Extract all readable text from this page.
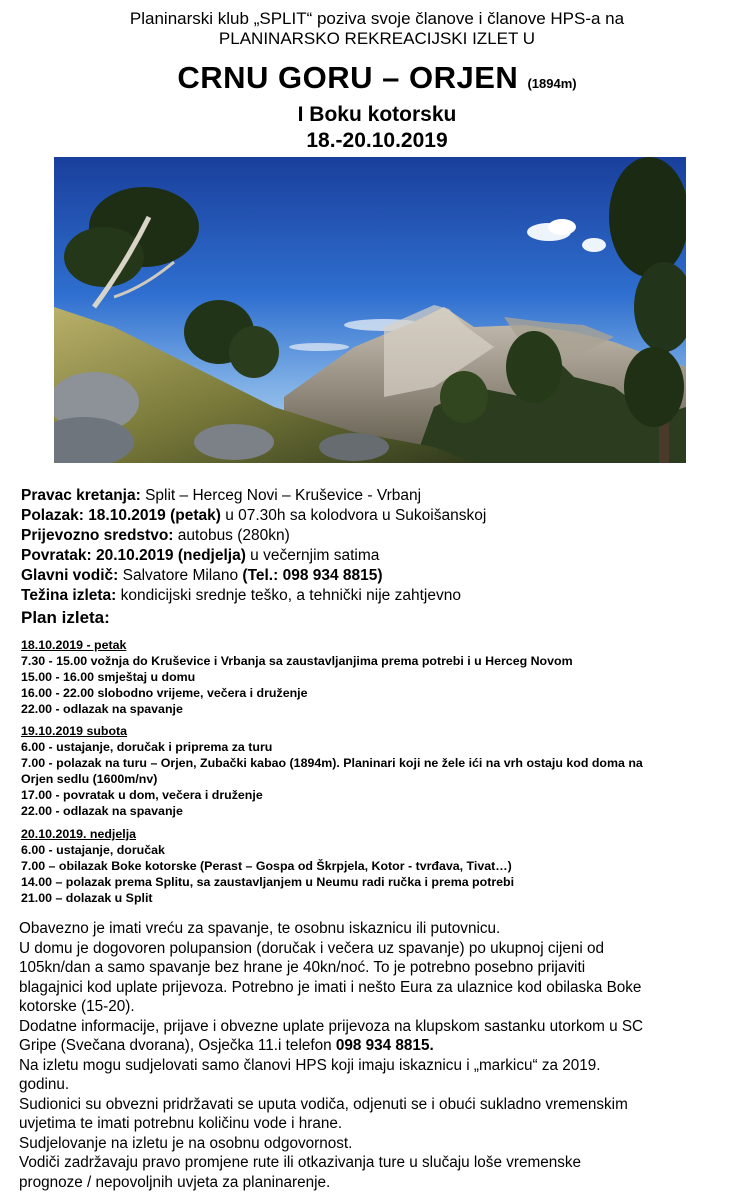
Planinarski klub „SPLIT“ poziva svoje članove i članove HPS-a na
PLANINARSKO REKREACIJSKI IZLET U
CRNU GORU – ORJEN (1894m)
I Boku kotorsku
18.-20.10.2019
Pravac kretanja: Split – Herceg Novi – Kruševice - Vrbanj
Polazak: 18.10.2019 (petak) u 07.30h sa kolodvora u Sukoišanskoj
Prijevozno sredstvo: autobus (280kn)
Povratak: 20.10.2019 (nedjelja) u večernjim satima
Glavni vodič: Salvatore Milano (Tel.: 098 934 8815)
Težina izleta: kondicijski srednje teško, a tehnički nije zahtjevno
Plan izleta:
18.10.2019 - petak
7.30 - 15.00 vožnja do Kruševice i Vrbanja sa zaustavljanjima prema potrebi i u Herceg Novom
15.00 - 16.00 smještaj u domu
16.00 - 22.00 slobodno vrijeme, večera i druženje
22.00 - odlazak na spavanje
19.10.2019 subota
6.00 - ustajanje, doručak i priprema za turu
7.00 - polazak na turu – Orjen, Zubački kabao (1894m). Planinari koji ne žele ići na vrh ostaju kod doma na
Orjen sedlu (1600m/nv)
17.00 - povratak u dom, večera i druženje
22.00 - odlazak na spavanje
20.10.2019. nedjelja
6.00 - ustajanje, doručak
7.00 – obilazak Boke kotorske (Perast – Gospa od Škrpjela, Kotor - tvrđava, Tivat…)
14.00 – polazak prema Splitu, sa zaustavljanjem u Neumu radi ručka i prema potrebi
21.00 – dolazak u Split
Obavezno je imati vreću za spavanje, te osobnu iskaznicu ili putovnicu.
U domu je dogovoren polupansion (doručak i večera uz spavanje) po ukupnoj cijeni od
105kn/dan a samo spavanje bez hrane je 40kn/noć. To je potrebno posebno prijaviti
blagajnici kod uplate prijevoza. Potrebno je imati i nešto Eura za ulaznice kod obilaska Boke
kotorske (15-20).
Dodatne informacije, prijave i obvezne uplate prijevoza na klupskom sastanku utorkom u SC
Gripe (Svečana dvorana), Osječka 11.i telefon 098 934 8815.
Na izletu mogu sudjelovati samo članovi HPS koji imaju iskaznicu i „markicu“ za 2019.
godinu.
Sudionici su obvezni pridržavati se uputa vodiča, odjenuti se i obući sukladno vremenskim
uvjetima te imati potrebnu količinu vode i hrane.
Sudjelovanje na izletu je na osobnu odgovornost.
Vodiči zadržavaju pravo promjene rute ili otkazivanja ture u slučaju loše vremenske
prognoze / nepovoljnih uvjeta za planinarenje.
